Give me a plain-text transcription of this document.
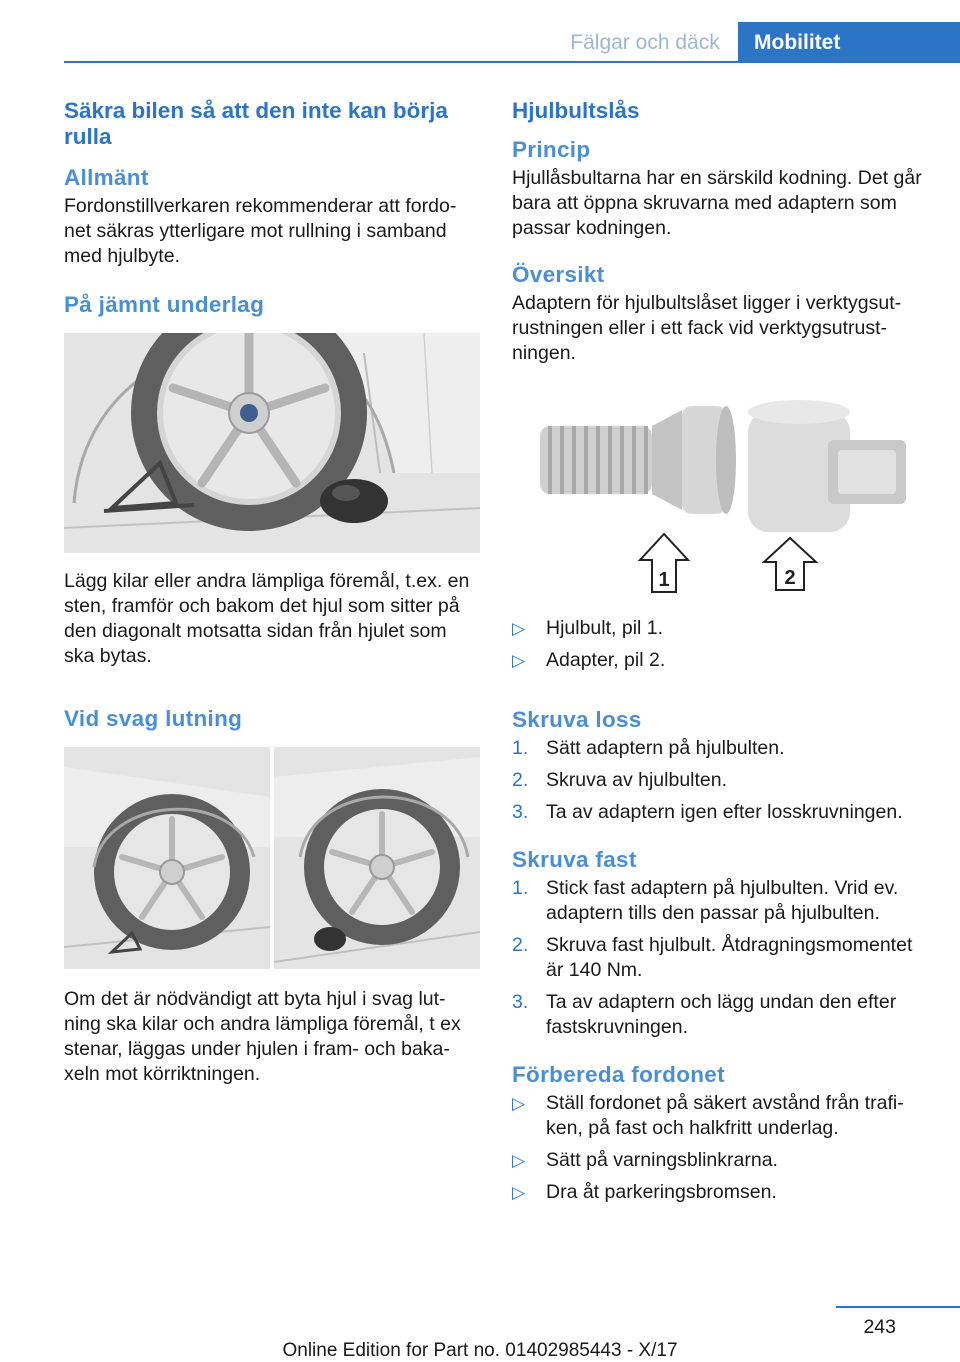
Fälgar och däck	Mobilitet
Säkra bilen så att den inte kan börja rulla
Allmänt

Fordonstillverkaren rekommenderar att fordo-net säkras ytterligare mot rullning i samband med hjulbyte.

På jämnt underlag

Lägg kilar eller andra lämpliga föremål, t.ex. en sten, framför och bakom det hjul som sitter på den diagonalt motsatta sidan från hjulet som ska bytas.

Vid svag lutning

Om det är nödvändigt att byta hjul i svag lut-ning ska kilar och andra lämpliga föremål, t ex stenar, läggas under hjulen i fram- och baka-xeln mot körriktningen.

Hjulbultslås
Princip

Hjullåsbultarna har en särskild kodning. Det går bara att öppna skruvarna med adaptern som passar kodningen.

Översikt

Adaptern för hjulbultslåset ligger i verktygsut-rustningen eller i ett fack vid verktygsutrust-ningen.

1	2
▷ Hjulbult, pil 1.
▷ Adapter, pil 2.
Skruva loss
1. Sätt adaptern på hjulbulten.
2. Skruva av hjulbulten.
3. Ta av adaptern igen efter losskruvningen.
Skruva fast
1. Stick fast adaptern på hjulbulten. Vrid ev. adaptern tills den passar på hjulbulten.
2. Skruva fast hjulbult. Åtdragningsmomentet är 140 Nm.
3. Ta av adaptern och lägg undan den efter fastskruvningen.
Förbereda fordonet
▷ Ställ fordonet på säkert avstånd från trafi-ken, på fast och halkfritt underlag.
▷ Sätt på varningsblinkrarna.
▷ Dra åt parkeringsbromsen.
243
Online Edition for Part no. 01402985443 - X/17
